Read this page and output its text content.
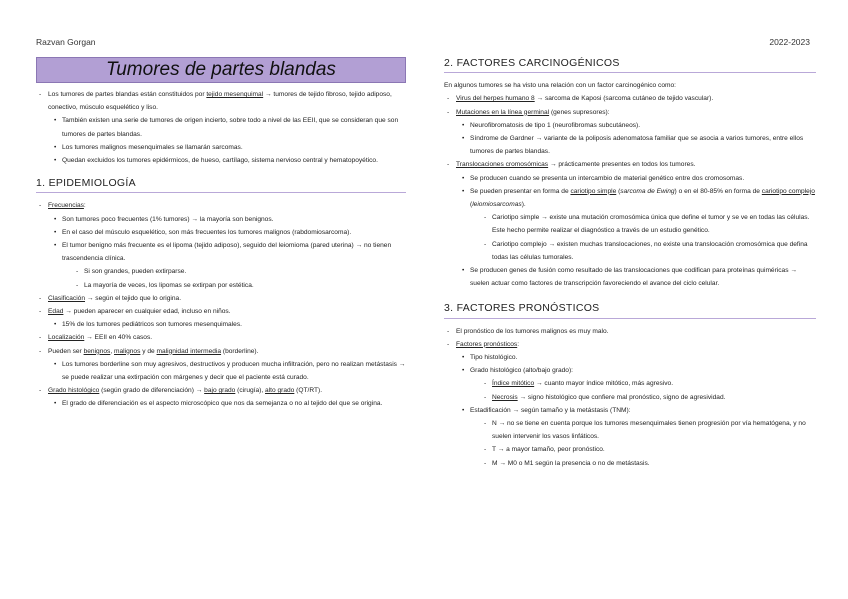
Razvan Gorgan	2022-2023
Tumores de partes blandas
- Los tumores de partes blandas están constituidos por tejido mesenquimal → tumores de tejido fibroso, tejido adiposo, conectivo, músculo esquelético y liso.
• También existen una serie de tumores de origen incierto, sobre todo a nivel de las EEII, que se consideran que son tumores de partes blandas.
• Los tumores malignos mesenquimales se llamarán sarcomas.
• Quedan excluidos los tumores epidérmicos, de hueso, cartílago, sistema nervioso central y hematopoyético.
1. EPIDEMIOLOGÍA
- Frecuencias:
• Son tumores poco frecuentes (1% tumores) → la mayoría son benignos.
• En el caso del músculo esquelético, son más frecuentes los tumores malignos (rabdomiosarcoma).
• El tumor benigno más frecuente es el lipoma (tejido adiposo), seguido del leiomioma (pared uterina) → no tienen trascendencia clínica.
- Si son grandes, pueden extirparse.
- La mayoría de veces, los lipomas se extirpan por estética.
- Clasificación → según el tejido que lo origina.
- Edad → pueden aparecer en cualquier edad, incluso en niños.
• 15% de los tumores pediátricos son tumores mesenquimales.
- Localización → EEII en 40% casos.
- Pueden ser benignos, malignos y de malignidad intermedia (borderline).
• Los tumores borderline son muy agresivos, destructivos y producen mucha infiltración, pero no realizan metástasis → se puede realizar una extirpación con márgenes y decir que el paciente está curado.
- Grado histológico (según grado de diferenciación) → bajo grado (cirugía), alto grado (QT/RT).
• El grado de diferenciación es el aspecto microscópico que nos da semejanza o no al tejido del que se origina.
2. FACTORES CARCINOGÉNICOS
En algunos tumores se ha visto una relación con un factor carcinogénico como:
- Virus del herpes humano 8 → sarcoma de Kaposi (sarcoma cutáneo de tejido vascular).
- Mutaciones en la línea germinal (genes supresores):
• Neurofibromatosis de tipo 1 (neurofibromas subcutáneos).
• Síndrome de Gardner → variante de la poliposis adenomatosa familiar que se asocia a varios tumores, entre ellos tumores de partes blandas.
- Translocaciones cromosómicas → prácticamente presentes en todos los tumores.
• Se producen cuando se presenta un intercambio de material genético entre dos cromosomas.
• Se pueden presentar en forma de cariotipo simple (sarcoma de Ewing) o en el 80-85% en forma de cariotipo complejo (leiomiosarcomas).
- Cariotipo simple → existe una mutación cromosómica única que define el tumor y se ve en todas las células. Este hecho permite realizar el diagnóstico a través de un estudio genético.
- Cariotipo complejo → existen muchas translocaciones, no existe una translocación cromosómica que defina todas las células tumorales.
• Se producen genes de fusión como resultado de las translocaciones que codifican para proteínas quiméricas → suelen actuar como factores de transcripción favoreciendo el avance del ciclo celular.
3. FACTORES PRONÓSTICOS
- El pronóstico de los tumores malignos es muy malo.
- Factores pronósticos:
• Tipo histológico.
• Grado histológico (alto/bajo grado):
- Índice mitótico → cuanto mayor índice mitótico, más agresivo.
- Necrosis → signo histológico que confiere mal pronóstico, signo de agresividad.
• Estadificación → según tamaño y la metástasis (TNM):
- N → no se tiene en cuenta porque los tumores mesenquimales tienen progresión por vía hematógena, y no suelen intervenir los vasos linfáticos.
- T → a mayor tamaño, peor pronóstico.
- M → M0 o M1 según la presencia o no de metástasis.
